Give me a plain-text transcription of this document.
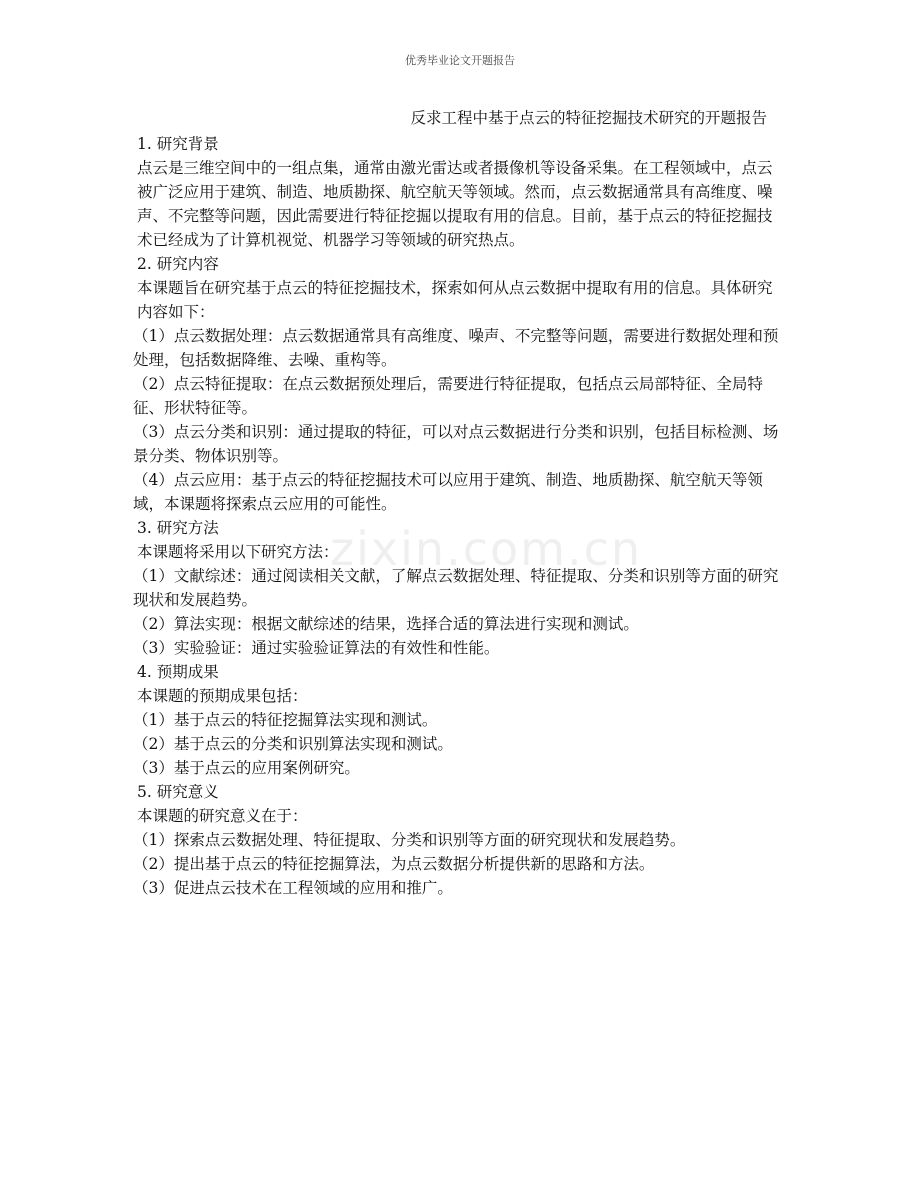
优秀毕业论文开题报告
zixin.com.cn
反求工程中基于点云的特征挖掘技术研究的开题报告

1. 研究背景

点云是三维空间中的一组点集，通常由激光雷达或者摄像机等设备采集。在工程领域中，点云被广泛应用于建筑、制造、地质勘探、航空航天等领域。然而，点云数据通常具有高维度、噪声、不完整等问题，因此需要进行特征挖掘以提取有用的信息。目前，基于点云的特征挖掘技术已经成为了计算机视觉、机器学习等领域的研究热点。

2. 研究内容

本课题旨在研究基于点云的特征挖掘技术，探索如何从点云数据中提取有用的信息。具体研究内容如下：

（1）点云数据处理：点云数据通常具有高维度、噪声、不完整等问题，需要进行数据处理和预处理，包括数据降维、去噪、重构等。

（2）点云特征提取：在点云数据预处理后，需要进行特征提取，包括点云局部特征、全局特征、形状特征等。

（3）点云分类和识别：通过提取的特征，可以对点云数据进行分类和识别，包括目标检测、场景分类、物体识别等。

（4）点云应用：基于点云的特征挖掘技术可以应用于建筑、制造、地质勘探、航空航天等领域，本课题将探索点云应用的可能性。

3. 研究方法

本课题将采用以下研究方法：

（1）文献综述：通过阅读相关文献，了解点云数据处理、特征提取、分类和识别等方面的研究现状和发展趋势。

（2）算法实现：根据文献综述的结果，选择合适的算法进行实现和测试。

（3）实验验证：通过实验验证算法的有效性和性能。

4. 预期成果

本课题的预期成果包括：

（1）基于点云的特征挖掘算法实现和测试。

（2）基于点云的分类和识别算法实现和测试。

（3）基于点云的应用案例研究。

5. 研究意义

本课题的研究意义在于：

（1）探索点云数据处理、特征提取、分类和识别等方面的研究现状和发展趋势。

（2）提出基于点云的特征挖掘算法，为点云数据分析提供新的思路和方法。

（3）促进点云技术在工程领域的应用和推广。
